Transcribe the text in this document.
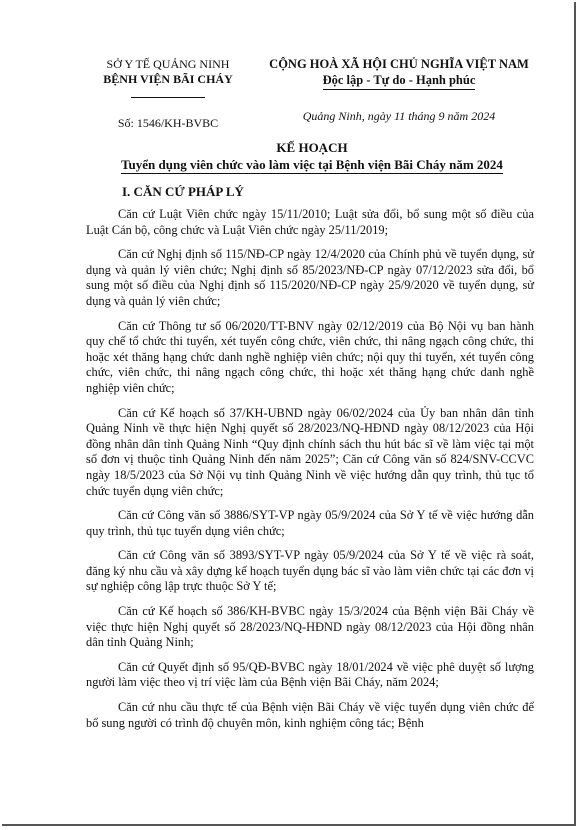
SỞ Y TẾ QUẢNG NINH
BỆNH VIỆN BÃI CHÁY
Số: 1546/KH-BVBC
CỘNG HOÀ XÃ HỘI CHỦ NGHĨA VIỆT NAM
Độc lập - Tự do - Hạnh phúc
Quảng Ninh, ngày 11 tháng 9 năm 2024
KẾ HOẠCH
Tuyển dụng viên chức vào làm việc tại Bệnh viện Bãi Cháy năm 2024
I. CĂN CỨ PHÁP LÝ

Căn cứ Luật Viên chức ngày 15/11/2010; Luật sửa đổi, bổ sung một số điều của Luật Cán bộ, công chức và Luật Viên chức ngày 25/11/2019;

Căn cứ Nghị định số 115/NĐ-CP ngày 12/4/2020 của Chính phủ về tuyển dụng, sử dụng và quản lý viên chức; Nghị định số 85/2023/NĐ-CP ngày 07/12/2023 sửa đổi, bổ sung một số điều của Nghị định số 115/2020/NĐ-CP ngày 25/9/2020 về tuyển dụng, sử dụng và quản lý viên chức;

Căn cứ Thông tư số 06/2020/TT-BNV ngày 02/12/2019 của Bộ Nội vụ ban hành quy chế tổ chức thi tuyển, xét tuyển công chức, viên chức, thi nâng ngạch công chức, thi hoặc xét thăng hạng chức danh nghề nghiệp viên chức; nội quy thi tuyển, xét tuyển công chức, viên chức, thi nâng ngạch công chức, thi hoặc xét thăng hạng chức danh nghề nghiệp viên chức;

Căn cứ Kế hoạch số 37/KH-UBND ngày 06/02/2024 của Ủy ban nhân dân tỉnh Quảng Ninh về thực hiện Nghị quyết số 28/2023/NQ-HĐND ngày 08/12/2023 của Hội đồng nhân dân tỉnh Quảng Ninh “Quy định chính sách thu hút bác sĩ về làm việc tại một số đơn vị thuộc tỉnh Quảng Ninh đến năm 2025”; Căn cứ Công văn số 824/SNV-CCVC ngày 18/5/2023 của Sở Nội vụ tỉnh Quảng Ninh về việc hướng dẫn quy trình, thủ tục tổ chức tuyển dụng viên chức;

Căn cứ Công văn số 3886/SYT-VP ngày 05/9/2024 của Sở Y tế về việc hướng dẫn quy trình, thủ tục tuyển dụng viên chức;

Căn cứ Công văn số 3893/SYT-VP ngày 05/9/2024 của Sở Y tế về việc rà soát, đăng ký nhu cầu và xây dựng kế hoạch tuyển dụng bác sĩ vào làm viên chức tại các đơn vị sự nghiệp công lập trực thuộc Sở Y tế;

Căn cứ Kế hoạch số 386/KH-BVBC ngày 15/3/2024 của Bệnh viện Bãi Cháy về việc thực hiện Nghị quyết số 28/2023/NQ-HĐND ngày 08/12/2023 của Hội đồng nhân dân tỉnh Quảng Ninh;

Căn cứ Quyết định số 95/QĐ-BVBC ngày 18/01/2024 về việc phê duyệt số lượng người làm việc theo vị trí việc làm của Bệnh viện Bãi Cháy, năm 2024;

Căn cứ nhu cầu thực tế của Bệnh viện Bãi Cháy về việc tuyển dụng viên chức để bổ sung người có trình độ chuyên môn, kinh nghiệm công tác; Bệnh
